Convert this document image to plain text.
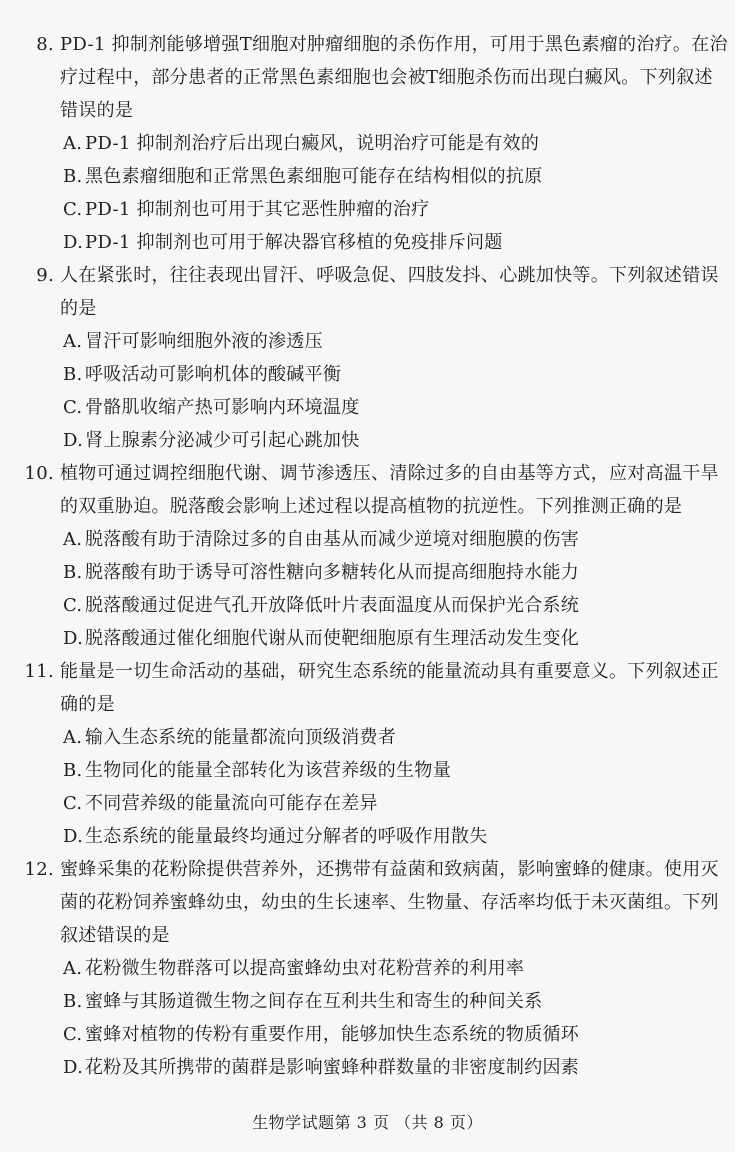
8. PD-1 抑制剂能够增强T细胞对肿瘤细胞的杀伤作用，可用于黑色素瘤的治疗。在治
疗过程中，部分患者的正常黑色素细胞也会被T细胞杀伤而出现白癜风。下列叙述
错误的是
A. PD-1 抑制剂治疗后出现白癜风，说明治疗可能是有效的
B. 黑色素瘤细胞和正常黑色素细胞可能存在结构相似的抗原
C. PD-1 抑制剂也可用于其它恶性肿瘤的治疗
D. PD-1 抑制剂也可用于解决器官移植的免疫排斥问题
9. 人在紧张时，往往表现出冒汗、呼吸急促、四肢发抖、心跳加快等。下列叙述错误
的是
A. 冒汗可影响细胞外液的渗透压
B. 呼吸活动可影响机体的酸碱平衡
C. 骨骼肌收缩产热可影响内环境温度
D. 肾上腺素分泌减少可引起心跳加快
10. 植物可通过调控细胞代谢、调节渗透压、清除过多的自由基等方式，应对高温干旱
的双重胁迫。脱落酸会影响上述过程以提高植物的抗逆性。下列推测正确的是
A. 脱落酸有助于清除过多的自由基从而减少逆境对细胞膜的伤害
B. 脱落酸有助于诱导可溶性糖向多糖转化从而提高细胞持水能力
C. 脱落酸通过促进气孔开放降低叶片表面温度从而保护光合系统
D. 脱落酸通过催化细胞代谢从而使靶细胞原有生理活动发生变化
11. 能量是一切生命活动的基础，研究生态系统的能量流动具有重要意义。下列叙述正
确的是
A. 输入生态系统的能量都流向顶级消费者
B. 生物同化的能量全部转化为该营养级的生物量
C. 不同营养级的能量流向可能存在差异
D. 生态系统的能量最终均通过分解者的呼吸作用散失
12. 蜜蜂采集的花粉除提供营养外，还携带有益菌和致病菌，影响蜜蜂的健康。使用灭
菌的花粉饲养蜜蜂幼虫，幼虫的生长速率、生物量、存活率均低于未灭菌组。下列
叙述错误的是
A. 花粉微生物群落可以提高蜜蜂幼虫对花粉营养的利用率
B. 蜜蜂与其肠道微生物之间存在互利共生和寄生的种间关系
C. 蜜蜂对植物的传粉有重要作用，能够加快生态系统的物质循环
D. 花粉及其所携带的菌群是影响蜜蜂种群数量的非密度制约因素
生物学试题第 3 页 （共 8 页）
